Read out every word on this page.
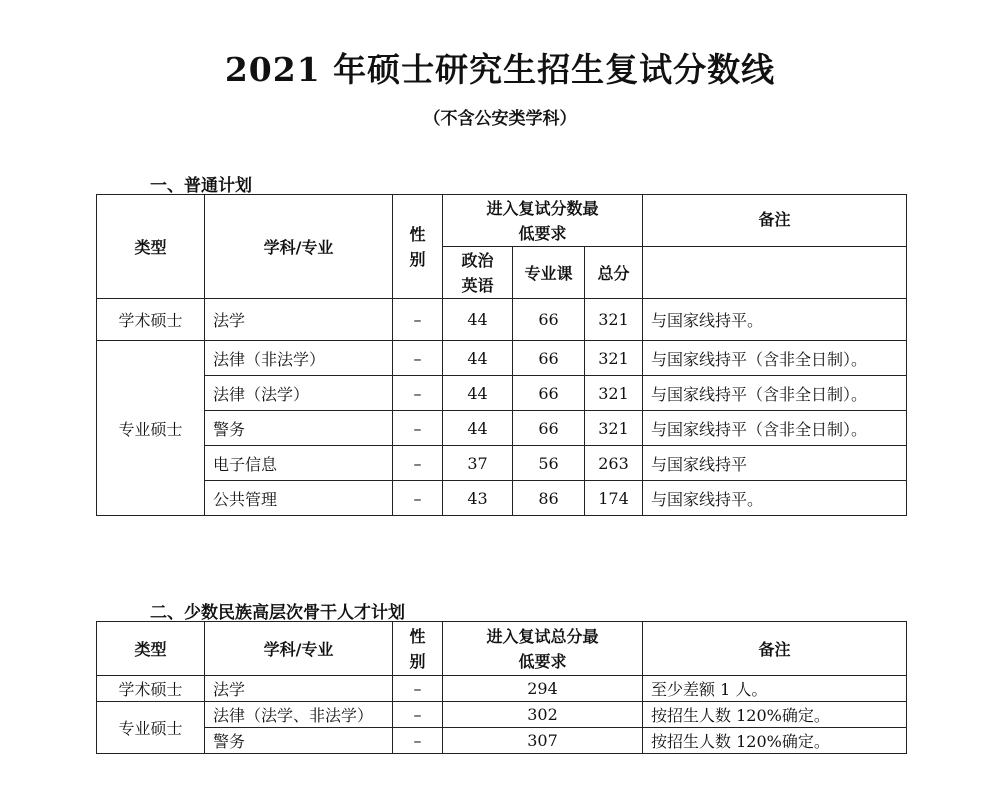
2021 年硕士研究生招生复试分数线
（不含公安类学科）
一、普通计划
类型	学科/专业	性别	进入复试分数最低要求			备注
			政治英语	专业课	总分	
学术硕士	法学	–	44	66	321	与国家线持平。
专业硕士	法律（非法学）	–	44	66	321	与国家线持平（含非全日制）。
	法律（法学）	–	44	66	321	与国家线持平（含非全日制）。
	警务	–	44	66	321	与国家线持平（含非全日制）。
	电子信息	–	37	56	263	与国家线持平
	公共管理	–	43	86	174	与国家线持平。
二、少数民族高层次骨干人才计划
类型	学科/专业	性别	进入复试总分最低要求	备注
学术硕士	法学	–	294	至少差额 1 人。
专业硕士	法律（法学、非法学）	–	302	按招生人数 120%确定。
	警务	–	307	按招生人数 120%确定。
